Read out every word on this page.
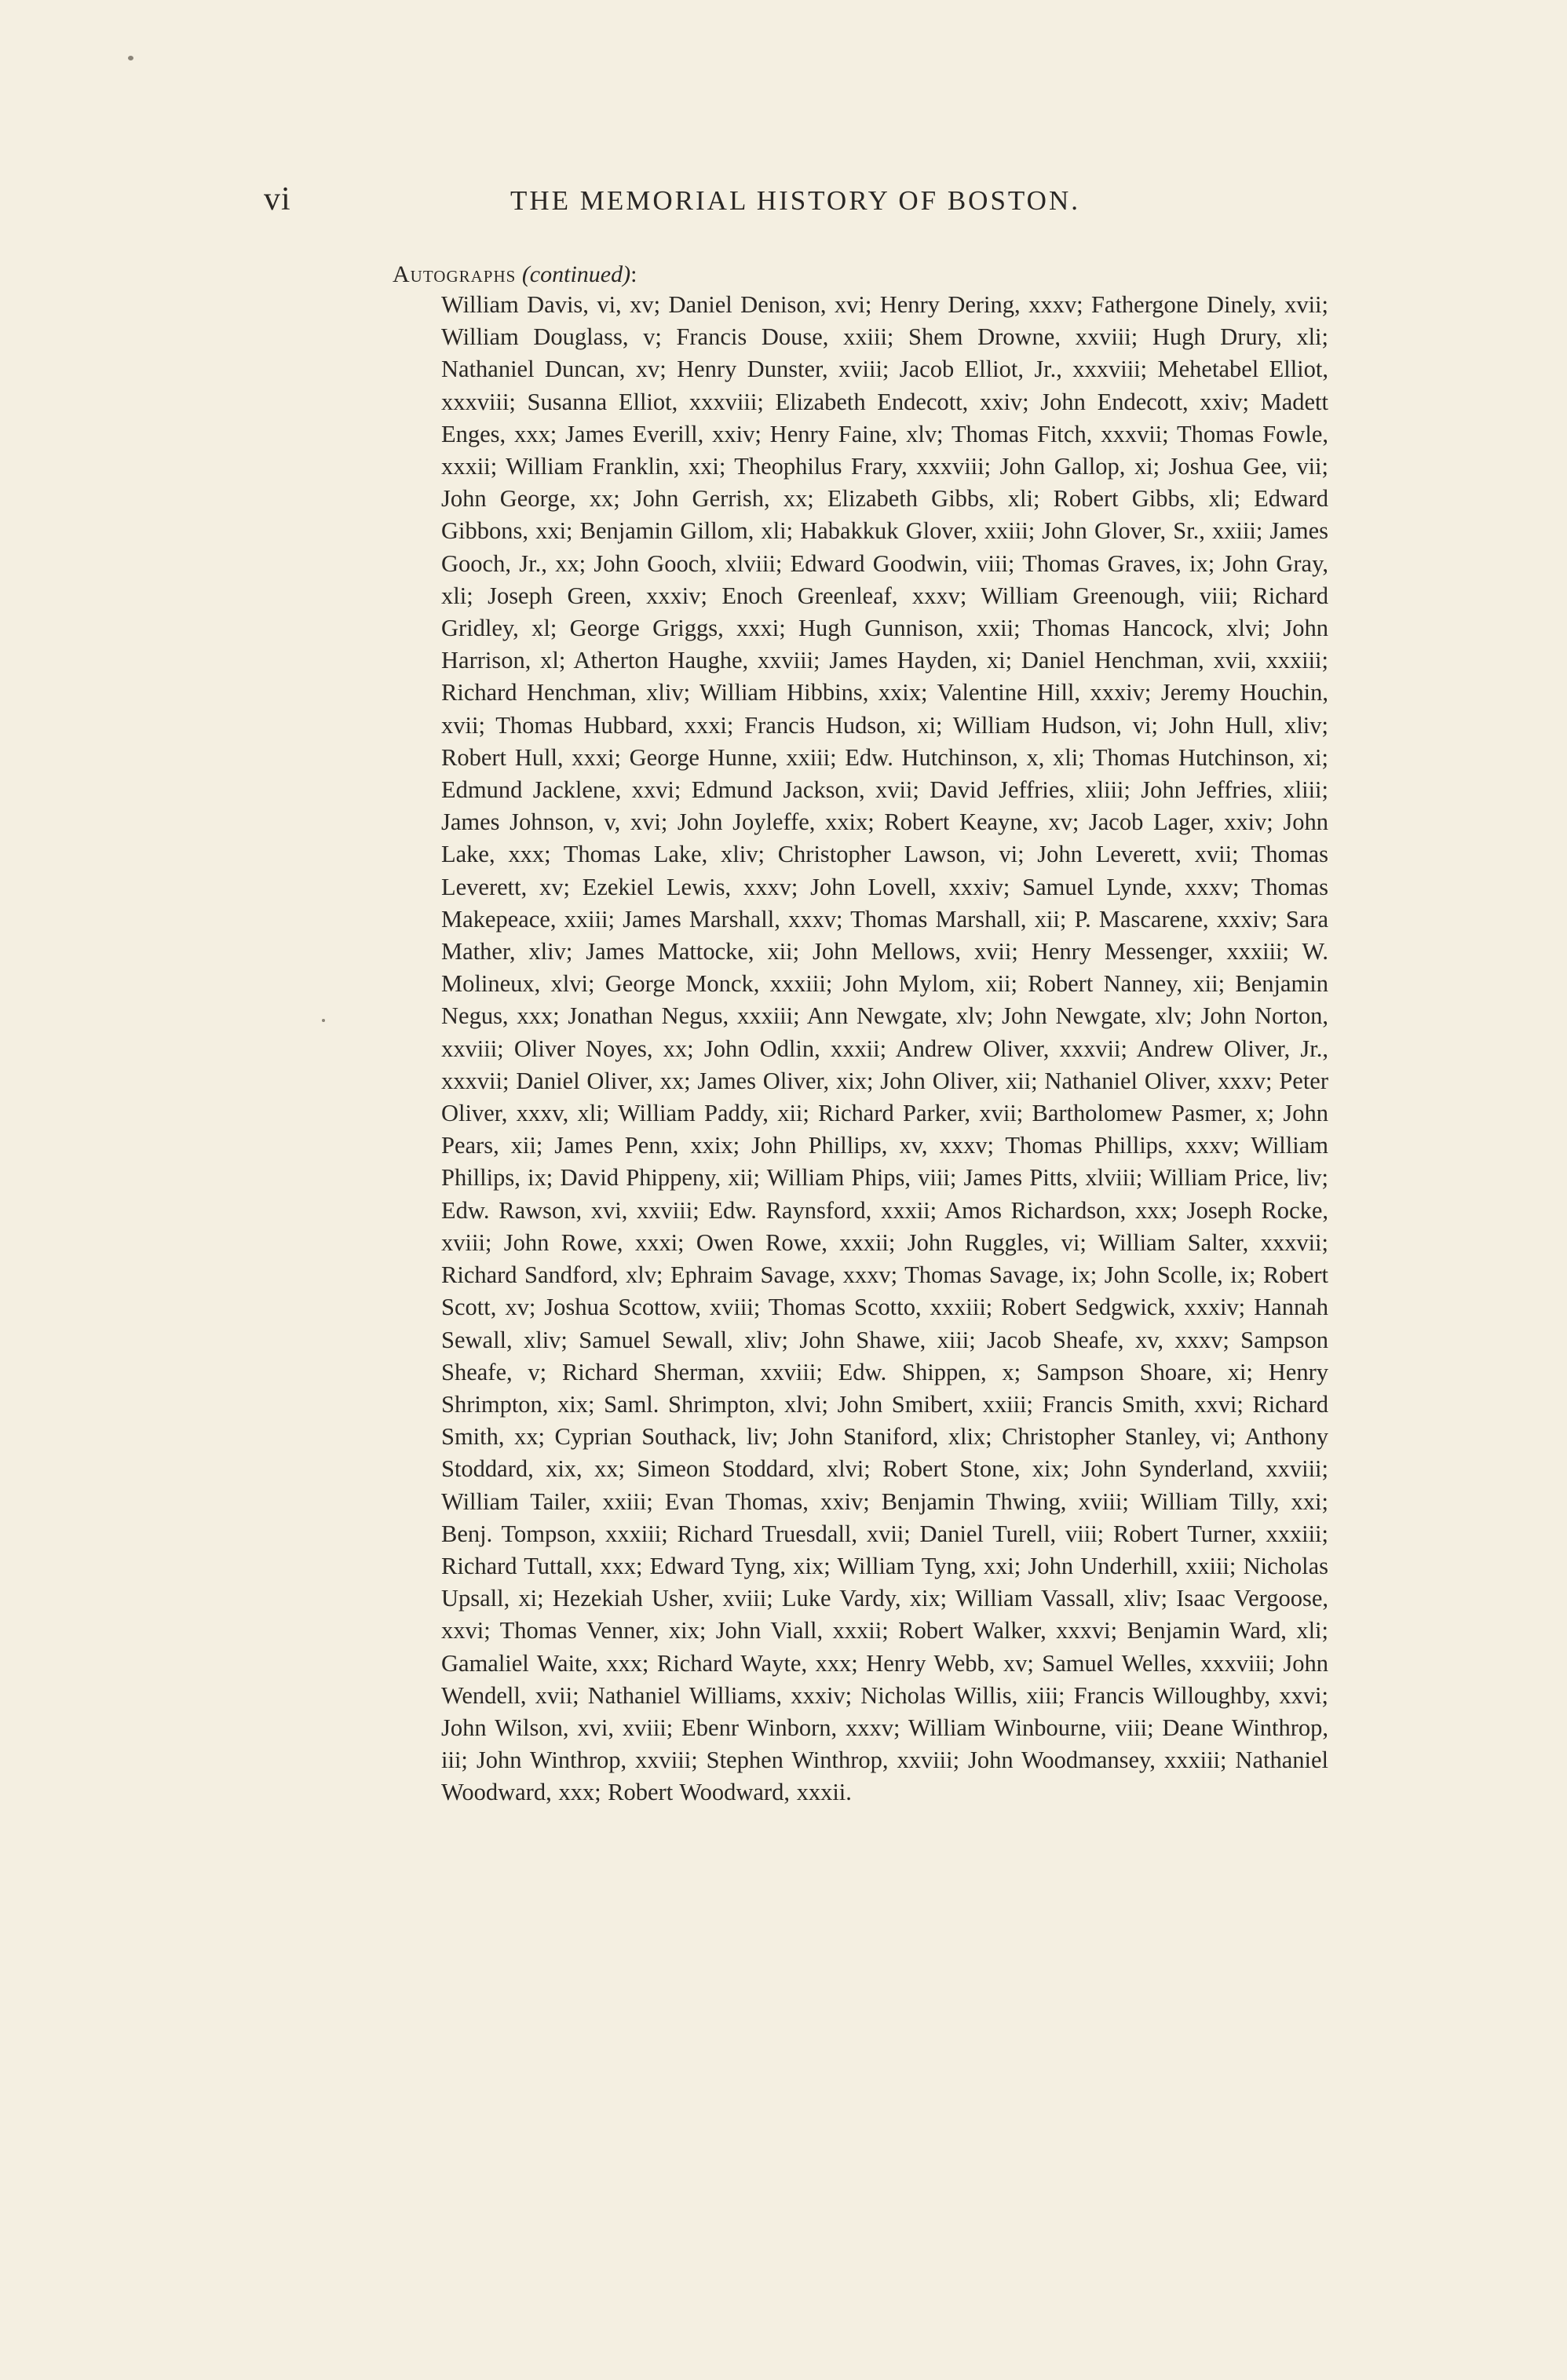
vi	THE MEMORIAL HISTORY OF BOSTON.
Autographs (continued):
William Davis, vi, xv; Daniel Denison, xvi; Henry Dering, xxxv; Fathergone Dinely, xvii; William Douglass, v; Francis Douse, xxiii; Shem Drowne, xxviii; Hugh Drury, xli; Nathaniel Duncan, xv; Henry Dunster, xviii; Jacob Elliot, Jr., xxxviii; Mehetabel Elliot, xxxviii; Susanna Elliot, xxxviii; Elizabeth Endecott, xxiv; John Endecott, xxiv; Madett Enges, xxx; James Everill, xxiv; Henry Faine, xlv; Thomas Fitch, xxxvii; Thomas Fowle, xxxii; William Franklin, xxi; Theophilus Frary, xxxviii; John Gallop, xi; Joshua Gee, vii; John George, xx; John Gerrish, xx; Elizabeth Gibbs, xli; Robert Gibbs, xli; Edward Gibbons, xxi; Benjamin Gillom, xli; Habakkuk Glover, xxiii; John Glover, Sr., xxiii; James Gooch, Jr., xx; John Gooch, xlviii; Edward Goodwin, viii; Thomas Graves, ix; John Gray, xli; Joseph Green, xxxiv; Enoch Greenleaf, xxxv; William Greenough, viii; Richard Gridley, xl; George Griggs, xxxi; Hugh Gunnison, xxii; Thomas Hancock, xlvi; John Harrison, xl; Atherton Haughe, xxviii; James Hayden, xi; Daniel Henchman, xvii, xxxiii; Richard Henchman, xliv; William Hibbins, xxix; Valentine Hill, xxxiv; Jeremy Houchin, xvii; Thomas Hubbard, xxxi; Francis Hudson, xi; William Hudson, vi; John Hull, xliv; Robert Hull, xxxi; George Hunne, xxiii; Edw. Hutchinson, x, xli; Thomas Hutchinson, xi; Edmund Jacklene, xxvi; Edmund Jackson, xvii; David Jeffries, xliii; John Jeffries, xliii; James Johnson, v, xvi; John Joyleffe, xxix; Robert Keayne, xv; Jacob Lager, xxiv; John Lake, xxx; Thomas Lake, xliv; Christopher Lawson, vi; John Leverett, xvii; Thomas Leverett, xv; Ezekiel Lewis, xxxv; John Lovell, xxxiv; Samuel Lynde, xxxv; Thomas Makepeace, xxiii; James Marshall, xxxv; Thomas Marshall, xii; P. Mascarene, xxxiv; Sara Mather, xliv; James Mattocke, xii; John Mellows, xvii; Henry Messenger, xxxiii; W. Molineux, xlvi; George Monck, xxxiii; John Mylom, xii; Robert Nanney, xii; Benjamin Negus, xxx; Jonathan Negus, xxxiii; Ann Newgate, xlv; John Newgate, xlv; John Norton, xxviii; Oliver Noyes, xx; John Odlin, xxxii; Andrew Oliver, xxxvii; Andrew Oliver, Jr., xxxvii; Daniel Oliver, xx; James Oliver, xix; John Oliver, xii; Nathaniel Oliver, xxxv; Peter Oliver, xxxv, xli; William Paddy, xii; Richard Parker, xvii; Bartholomew Pasmer, x; John Pears, xii; James Penn, xxix; John Phillips, xv, xxxv; Thomas Phillips, xxxv; William Phillips, ix; David Phippeny, xii; William Phips, viii; James Pitts, xlviii; William Price, liv; Edw. Rawson, xvi, xxviii; Edw. Raynsford, xxxii; Amos Richardson, xxx; Joseph Rocke, xviii; John Rowe, xxxi; Owen Rowe, xxxii; John Ruggles, vi; William Salter, xxxvii; Richard Sandford, xlv; Ephraim Savage, xxxv; Thomas Savage, ix; John Scolle, ix; Robert Scott, xv; Joshua Scottow, xviii; Thomas Scotto, xxxiii; Robert Sedgwick, xxxiv; Hannah Sewall, xliv; Samuel Sewall, xliv; John Shawe, xiii; Jacob Sheafe, xv, xxxv; Sampson Sheafe, v; Richard Sherman, xxviii; Edw. Shippen, x; Sampson Shoare, xi; Henry Shrimpton, xix; Saml. Shrimpton, xlvi; John Smibert, xxiii; Francis Smith, xxvi; Richard Smith, xx; Cyprian Southack, liv; John Staniford, xlix; Christopher Stanley, vi; Anthony Stoddard, xix, xx; Simeon Stoddard, xlvi; Robert Stone, xix; John Synderland, xxviii; William Tailer, xxiii; Evan Thomas, xxiv; Benjamin Thwing, xviii; William Tilly, xxi; Benj. Tompson, xxxiii; Richard Truesdall, xvii; Daniel Turell, viii; Robert Turner, xxxiii; Richard Tuttall, xxx; Edward Tyng, xix; William Tyng, xxi; John Underhill, xxiii; Nicholas Upsall, xi; Hezekiah Usher, xviii; Luke Vardy, xix; William Vassall, xliv; Isaac Vergoose, xxvi; Thomas Venner, xix; John Viall, xxxii; Robert Walker, xxxvi; Benjamin Ward, xli; Gamaliel Waite, xxx; Richard Wayte, xxx; Henry Webb, xv; Samuel Welles, xxxviii; John Wendell, xvii; Nathaniel Williams, xxxiv; Nicholas Willis, xiii; Francis Willoughby, xxvi; John Wilson, xvi, xviii; Ebenr Winborn, xxxv; William Winbourne, viii; Deane Winthrop, iii; John Winthrop, xxviii; Stephen Winthrop, xxviii; John Woodmansey, xxxiii; Nathaniel Woodward, xxx; Robert Woodward, xxxii.
